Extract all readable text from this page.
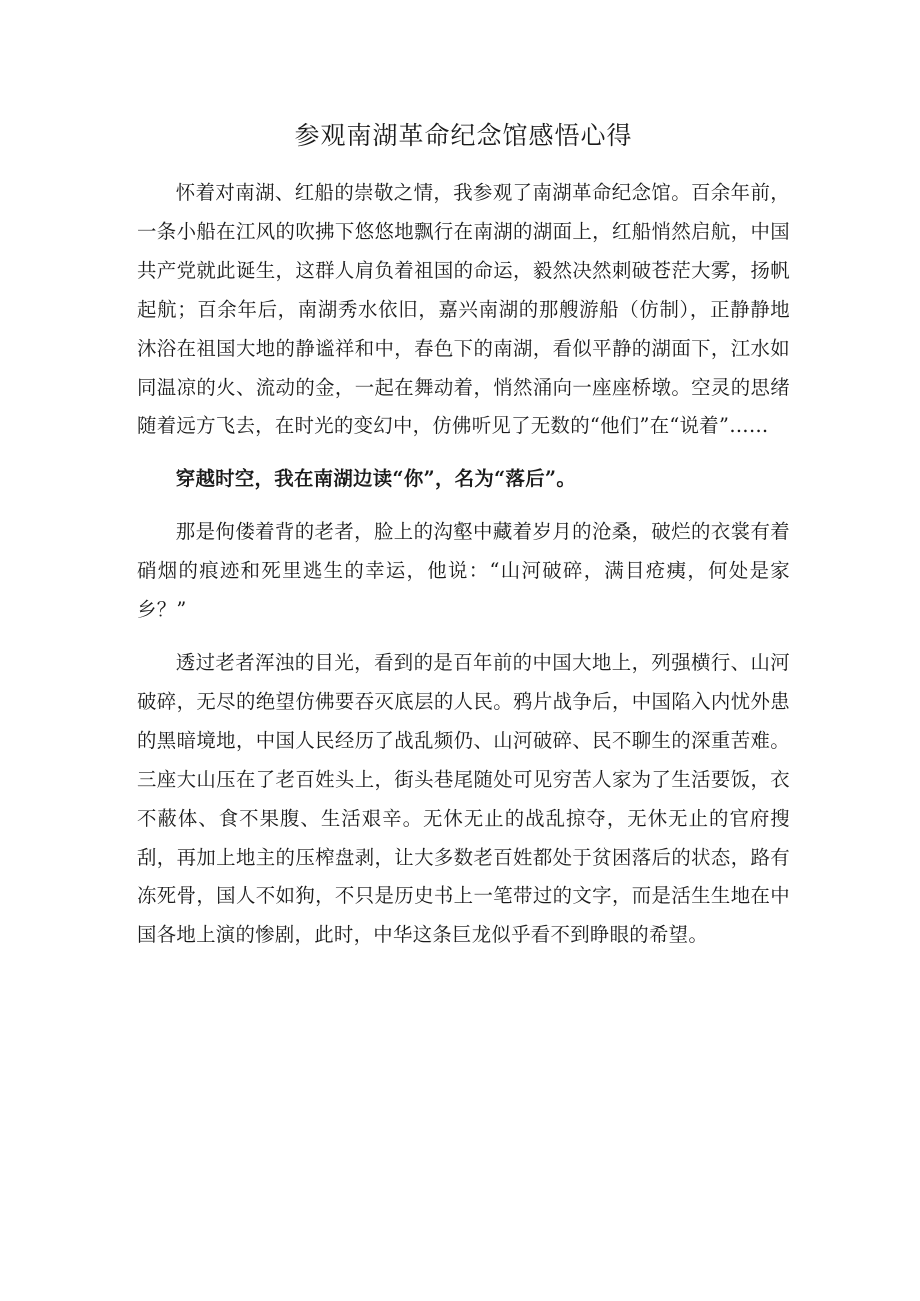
参观南湖革命纪念馆感悟心得

怀着对南湖、红船的崇敬之情，我参观了南湖革命纪念馆。百余年前，一条小船在江风的吹拂下悠悠地飘行在南湖的湖面上，红船悄然启航，中国共产党就此诞生，这群人肩负着祖国的命运，毅然决然刺破苍茫大雾，扬帆起航；百余年后，南湖秀水依旧，嘉兴南湖的那艘游船（仿制），正静静地沐浴在祖国大地的静谧祥和中，春色下的南湖，看似平静的湖面下，江水如同温凉的火、流动的金，一起在舞动着，悄然涌向一座座桥墩。空灵的思绪随着远方飞去，在时光的变幻中，仿佛听见了无数的“他们”在“说着”……

穿越时空，我在南湖边读“你”，名为“落后”。

那是佝偻着背的老者，脸上的沟壑中藏着岁月的沧桑，破烂的衣裳有着硝烟的痕迹和死里逃生的幸运，他说：“山河破碎，满目疮痍，何处是家乡？”

透过老者浑浊的目光，看到的是百年前的中国大地上，列强横行、山河破碎，无尽的绝望仿佛要吞灭底层的人民。鸦片战争后，中国陷入内忧外患的黑暗境地，中国人民经历了战乱频仍、山河破碎、民不聊生的深重苦难。三座大山压在了老百姓头上，街头巷尾随处可见穷苦人家为了生活要饭，衣不蔽体、食不果腹、生活艰辛。无休无止的战乱掠夺，无休无止的官府搜刮，再加上地主的压榨盘剥，让大多数老百姓都处于贫困落后的状态，路有冻死骨，国人不如狗，不只是历史书上一笔带过的文字，而是活生生地在中国各地上演的惨剧，此时，中华这条巨龙似乎看不到睁眼的希望。
